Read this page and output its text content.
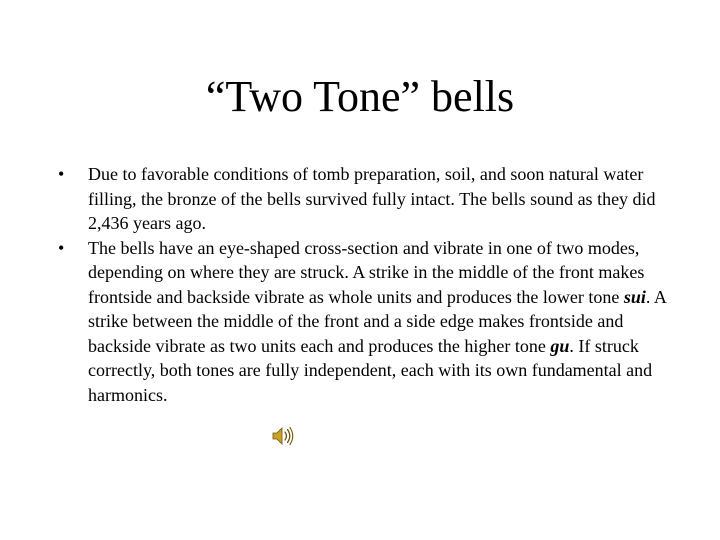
“Two Tone” bells
•	Due to favorable conditions of tomb preparation, soil, and soon natural water filling, the bronze of the bells survived fully intact. The bells sound as they did 2,436 years ago.
•	The bells have an eye-shaped cross-section and vibrate in one of two modes, depending on where they are struck. A strike in the middle of the front makes frontside and backside vibrate as whole units and produces the lower tone sui. A strike between the middle of the front and a side edge makes frontside and backside vibrate as two units each and produces the higher tone gu. If struck correctly, both tones are fully independent, each with its own fundamental and harmonics.
